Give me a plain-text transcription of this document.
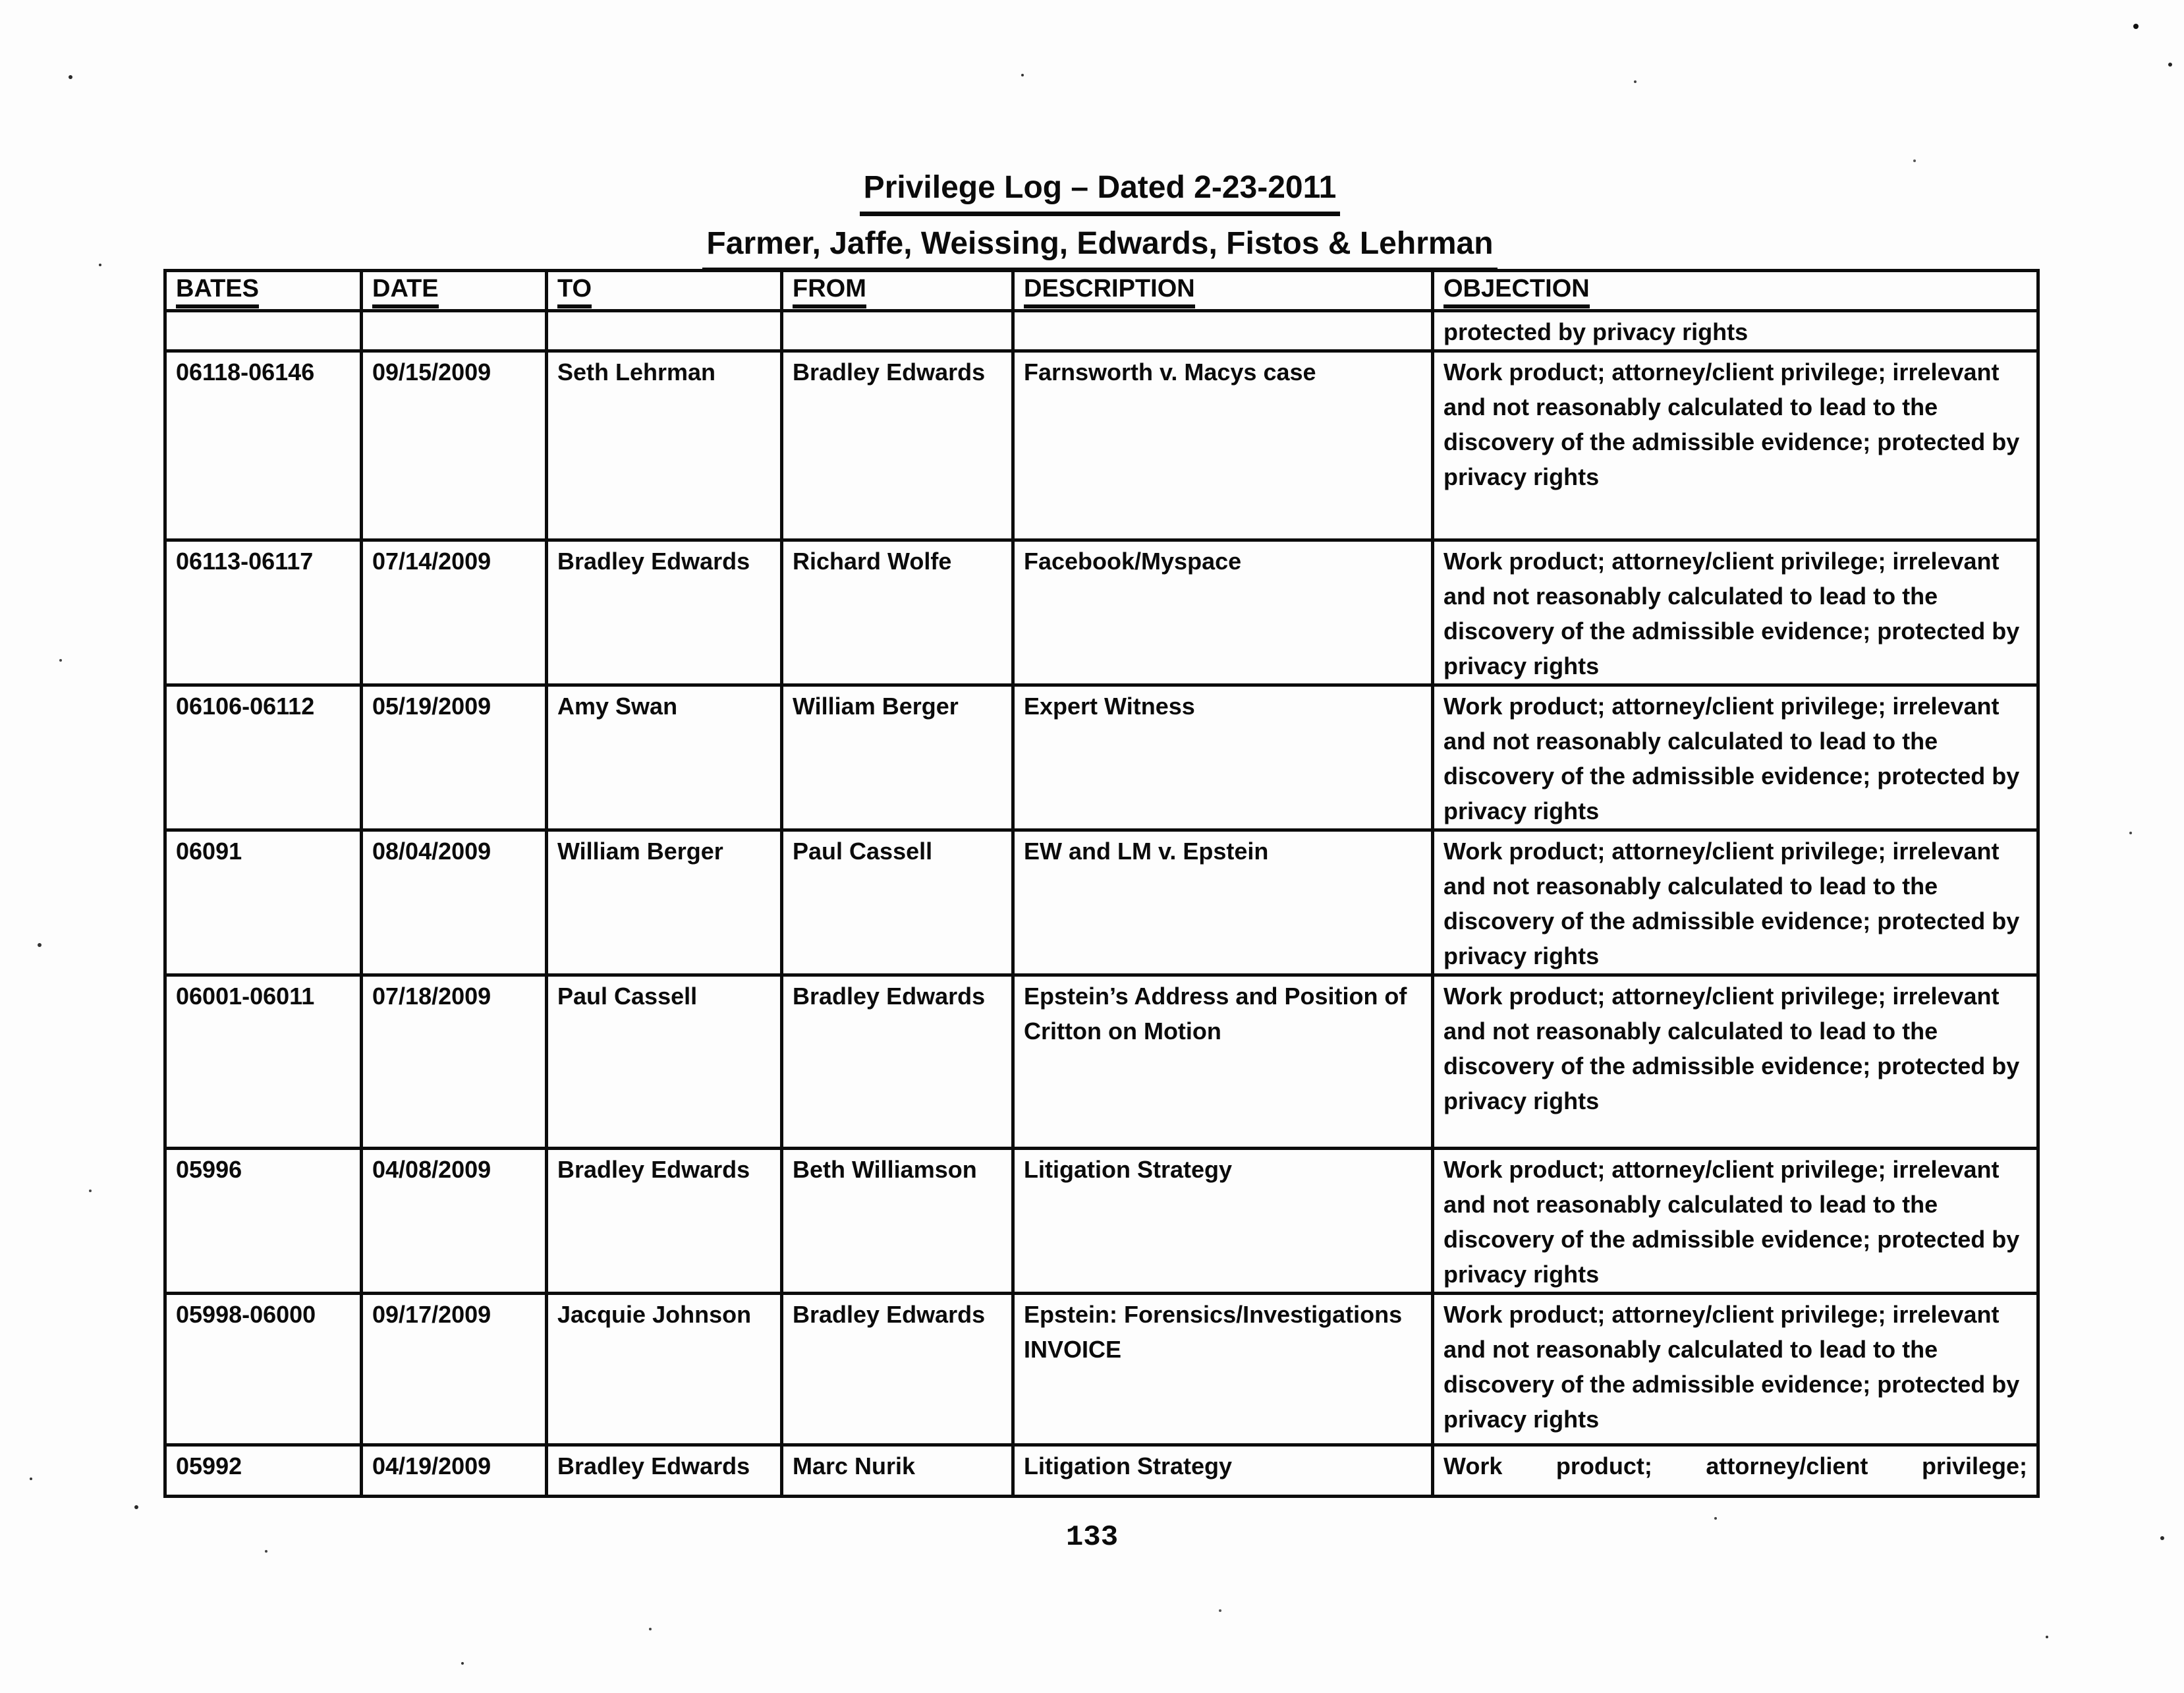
Privilege Log – Dated 2-23-2011
Farmer, Jaffe, Weissing, Edwards, Fistos & Lehrman
BATES	DATE	TO	FROM	DESCRIPTION	OBJECTION
					protected by privacy rights
06118-06146	09/15/2009	Seth Lehrman	Bradley Edwards	Farnsworth v. Macys case	Work product; attorney/client privilege; irrelevant and not reasonably calculated to lead to the discovery of the admissible evidence; protected by privacy rights
06113-06117	07/14/2009	Bradley Edwards	Richard Wolfe	Facebook/Myspace	Work product; attorney/client privilege; irrelevant and not reasonably calculated to lead to the discovery of the admissible evidence; protected by privacy rights
06106-06112	05/19/2009	Amy Swan	William Berger	Expert Witness	Work product; attorney/client privilege; irrelevant and not reasonably calculated to lead to the discovery of the admissible evidence; protected by privacy rights
06091	08/04/2009	William Berger	Paul Cassell	EW and LM v. Epstein	Work product; attorney/client privilege; irrelevant and not reasonably calculated to lead to the discovery of the admissible evidence; protected by privacy rights
06001-06011	07/18/2009	Paul Cassell	Bradley Edwards	Epstein’s Address and Position of Critton on Motion	Work product; attorney/client privilege; irrelevant and not reasonably calculated to lead to the discovery of the admissible evidence; protected by privacy rights
05996	04/08/2009	Bradley Edwards	Beth Williamson	Litigation Strategy	Work product; attorney/client privilege; irrelevant and not reasonably calculated to lead to the discovery of the admissible evidence; protected by privacy rights
05998-06000	09/17/2009	Jacquie Johnson	Bradley Edwards	Epstein: Forensics/Investigations INVOICE	Work product; attorney/client privilege; irrelevant and not reasonably calculated to lead to the discovery of the admissible evidence; protected by privacy rights
05992	04/19/2009	Bradley Edwards	Marc Nurik	Litigation Strategy	Work product; attorney/client privilege;
133
